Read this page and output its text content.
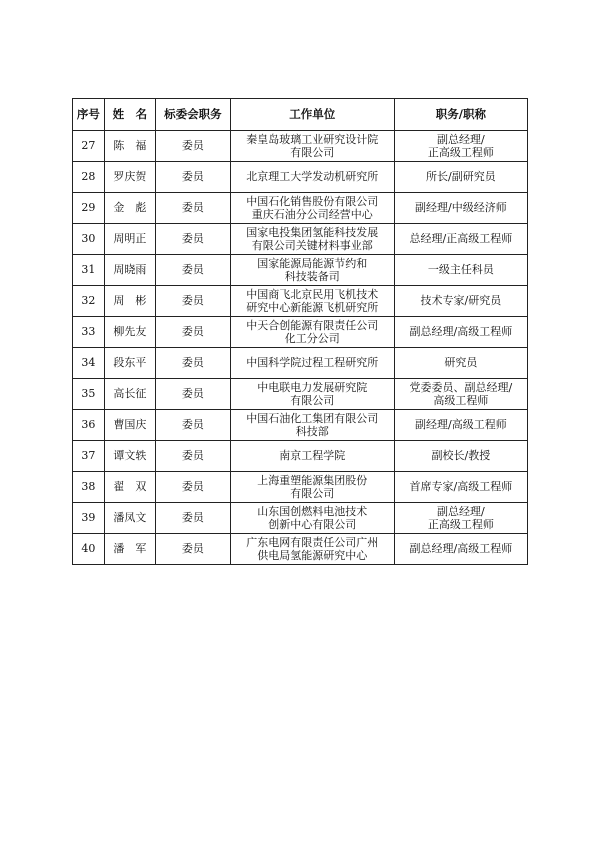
序号	姓　名	标委会职务	工作单位	职务/职称
27	陈　福	委员	秦皇岛玻璃工业研究设计院
有限公司	副总经理/
正高级工程师
28	罗庆贺	委员	北京理工大学发动机研究所	所长/副研究员
29	金　彪	委员	中国石化销售股份有限公司
重庆石油分公司经营中心	副经理/中级经济师
30	周明正	委员	国家电投集团氢能科技发展
有限公司关键材料事业部	总经理/正高级工程师
31	周晓雨	委员	国家能源局能源节约和
科技装备司	一级主任科员
32	周　彬	委员	中国商飞北京民用飞机技术
研究中心新能源飞机研究所	技术专家/研究员
33	柳先友	委员	中天合创能源有限责任公司
化工分公司	副总经理/高级工程师
34	段东平	委员	中国科学院过程工程研究所	研究员
35	高长征	委员	中电联电力发展研究院
有限公司	党委委员、副总经理/
高级工程师
36	曹国庆	委员	中国石油化工集团有限公司
科技部	副经理/高级工程师
37	谭文轶	委员	南京工程学院	副校长/教授
38	翟　双	委员	上海重塑能源集团股份
有限公司	首席专家/高级工程师
39	潘凤文	委员	山东国创燃料电池技术
创新中心有限公司	副总经理/
正高级工程师
40	潘　军	委员	广东电网有限责任公司广州
供电局氢能源研究中心	副总经理/高级工程师
